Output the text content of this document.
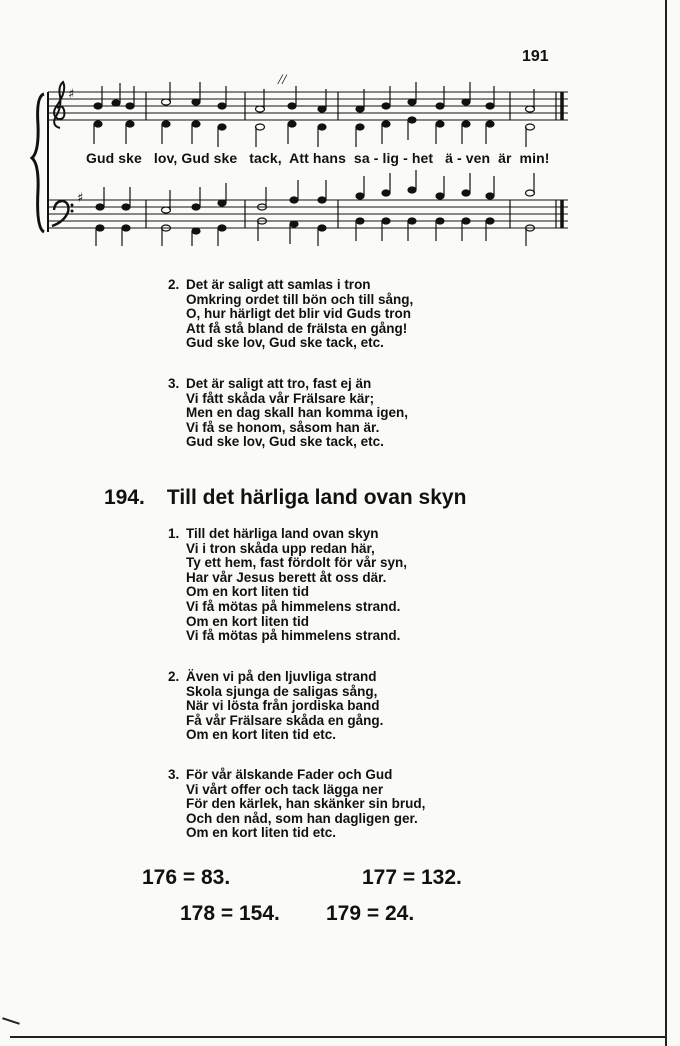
191
♯
♯
//
Gud ske   lov, Gud ske   tack,  Att hans  sa - lig - het   ä - ven  är  min!
2. Det är saligt att samlas i tron
Omkring ordet till bön och till sång,
O, hur härligt det blir vid Guds tron
Att få stå bland de frälsta en gång!
Gud ske lov, Gud ske tack, etc.
3. Det är saligt att tro, fast ej än
Vi fått skåda vår Frälsare kär;
Men en dag skall han komma igen,
Vi få se honom, såsom han är.
Gud ske lov, Gud ske tack, etc.
194. Till det härliga land ovan skyn
1. Till det härliga land ovan skyn
Vi i tron skåda upp redan här,
Ty ett hem, fast fördolt för vår syn,
Har vår Jesus berett åt oss där.
Om en kort liten tid
Vi få mötas på himmelens strand.
Om en kort liten tid
Vi få mötas på himmelens strand.
2. Även vi på den ljuvliga strand
Skola sjunga de saligas sång,
När vi lösta från jordiska band
Få vår Frälsare skåda en gång.
Om en kort liten tid etc.
3. För vår älskande Fader och Gud
Vi vårt offer och tack lägga ner
För den kärlek, han skänker sin brud,
Och den nåd, som han dagligen ger.
Om en kort liten tid etc.
176 = 83.	177 = 132.
178 = 154. 179 = 24.
